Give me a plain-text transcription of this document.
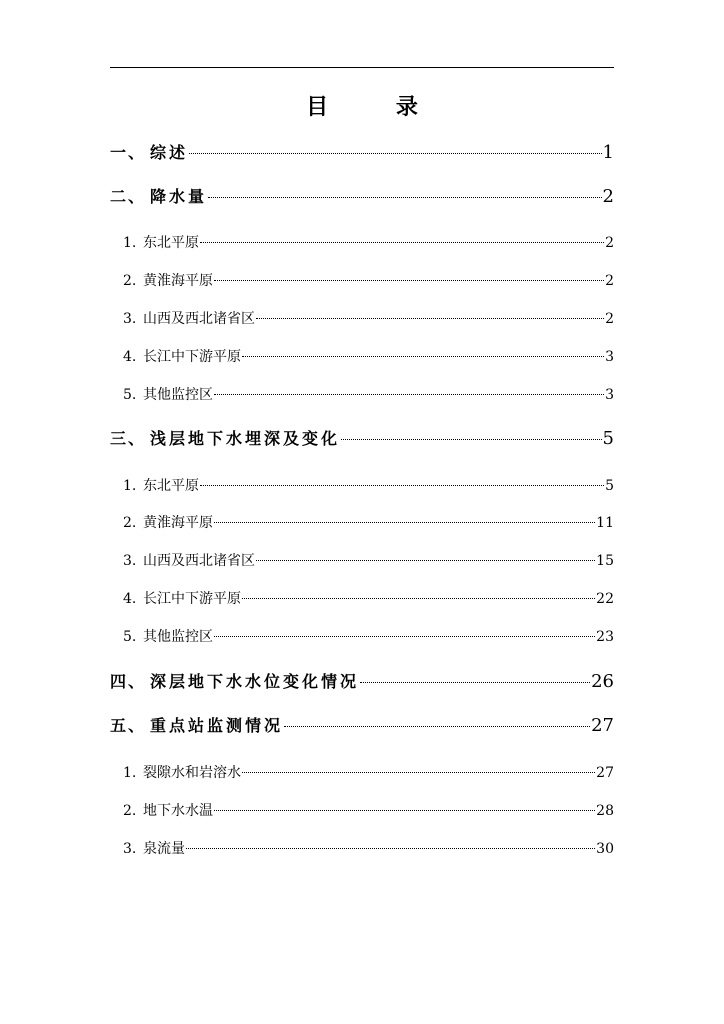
目 录
一、 综述	1
二、 降水量	2
1. 东北平原	2
2. 黄淮海平原	2
3. 山西及西北诸省区	2
4. 长江中下游平原	3
5. 其他监控区	3
三、 浅层地下水埋深及变化	5
1. 东北平原	5
2. 黄淮海平原	11
3. 山西及西北诸省区	15
4. 长江中下游平原	22
5. 其他监控区	23
四、 深层地下水水位变化情况	26
五、 重点站监测情况	27
1. 裂隙水和岩溶水	27
2. 地下水水温	28
3. 泉流量	30
